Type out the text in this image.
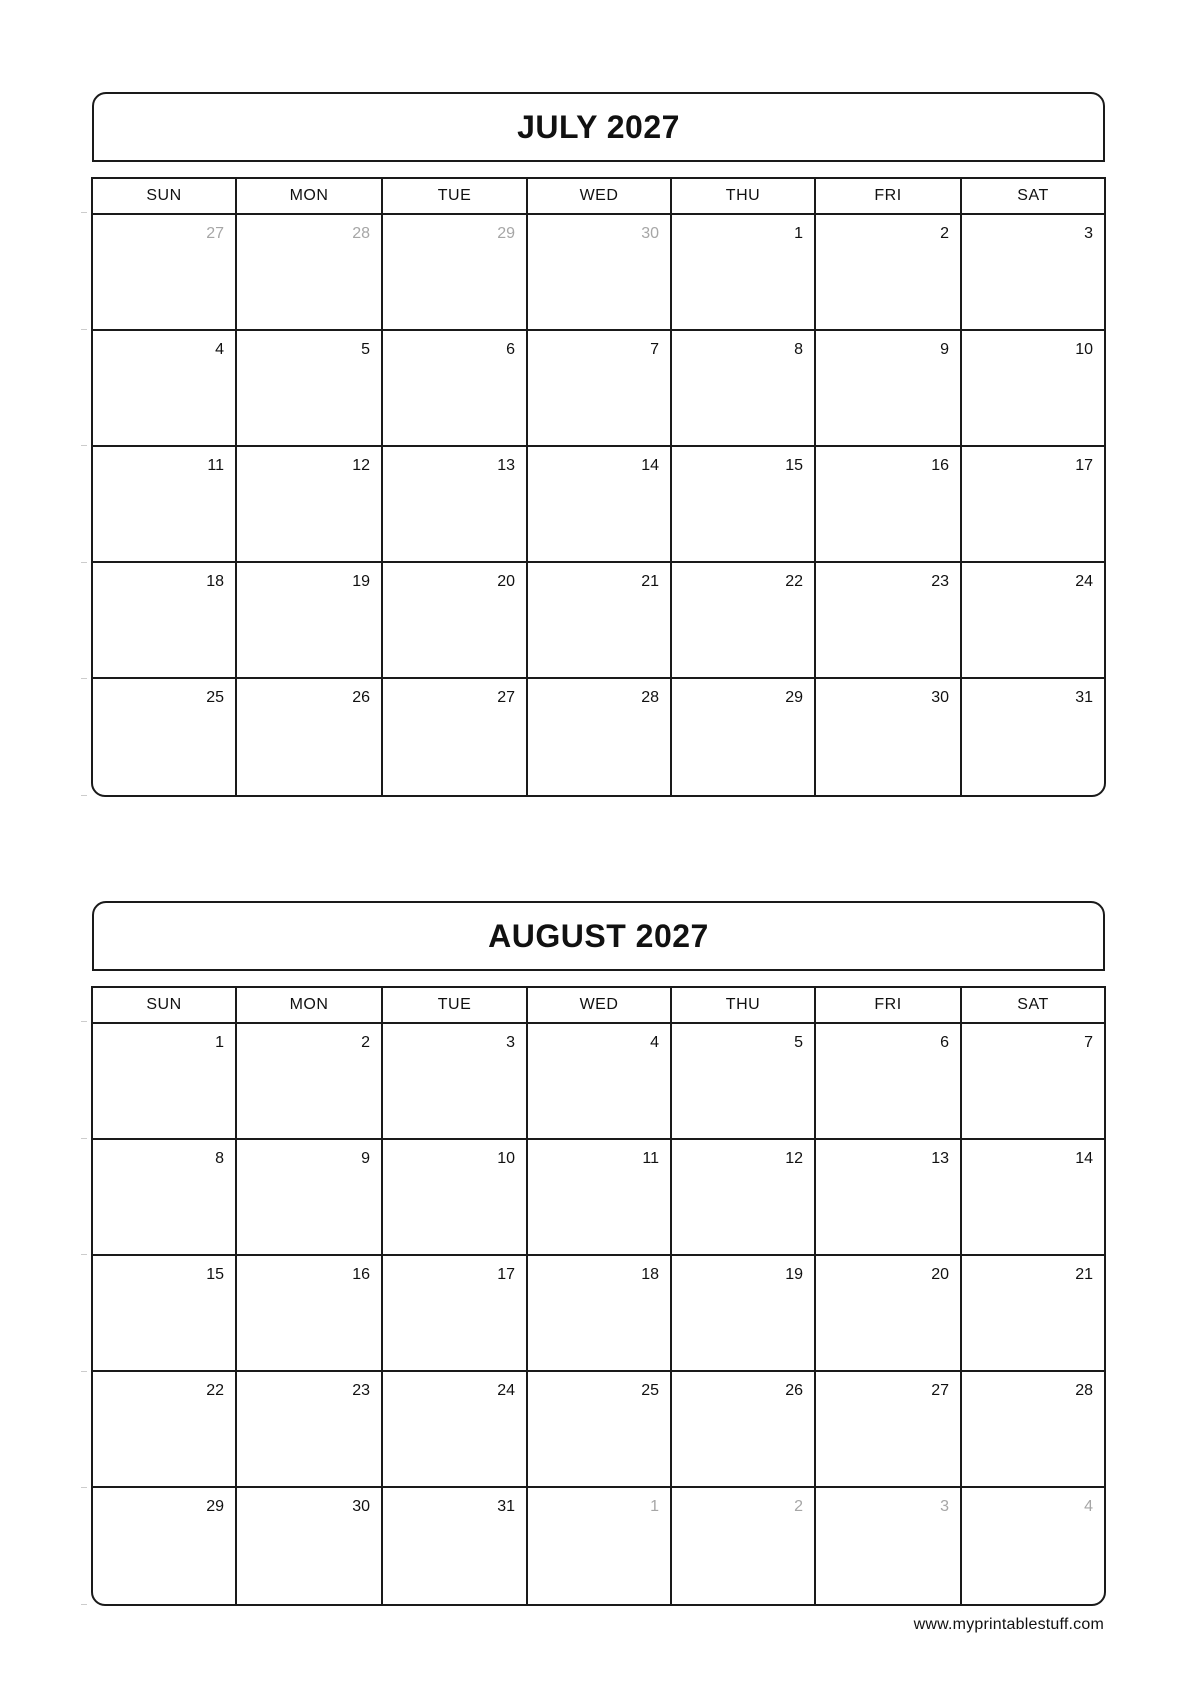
JULY 2027
SUN	MON	TUE	WED	THU	FRI	SAT
27	28	29	30	1	2	3
4	5	6	7	8	9	10
11	12	13	14	15	16	17
18	19	20	21	22	23	24
25	26	27	28	29	30	31
AUGUST 2027
SUN	MON	TUE	WED	THU	FRI	SAT
1	2	3	4	5	6	7
8	9	10	11	12	13	14
15	16	17	18	19	20	21
22	23	24	25	26	27	28
29	30	31	1	2	3	4
www.myprintablestuff.com
